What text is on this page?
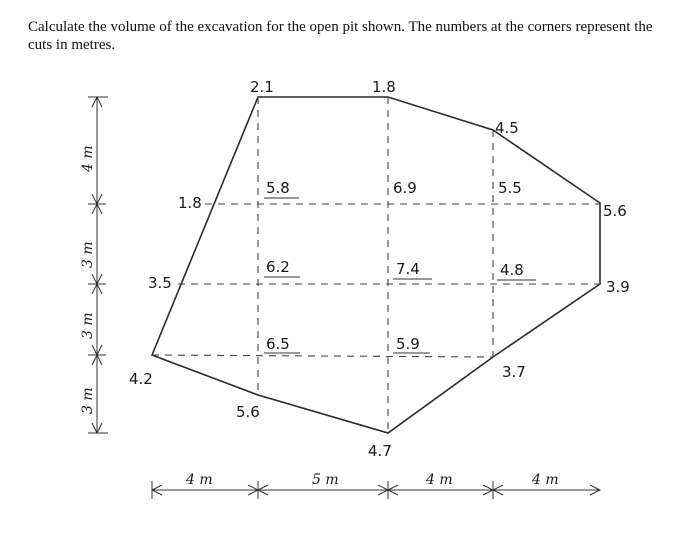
Calculate the volume of the excavation for the open pit shown. The numbers at the corners represent the cuts in metres.
2.1	1.8
4.5
5.6
1.8
3.5
4.2
5.6
4.7
3.7
3.9
5.8	6.9	5.5
6.2	7.4	4.8
6.5	5.9
4 m	5 m	4 m	4 m
4 m
3 m
3 m
3 m
